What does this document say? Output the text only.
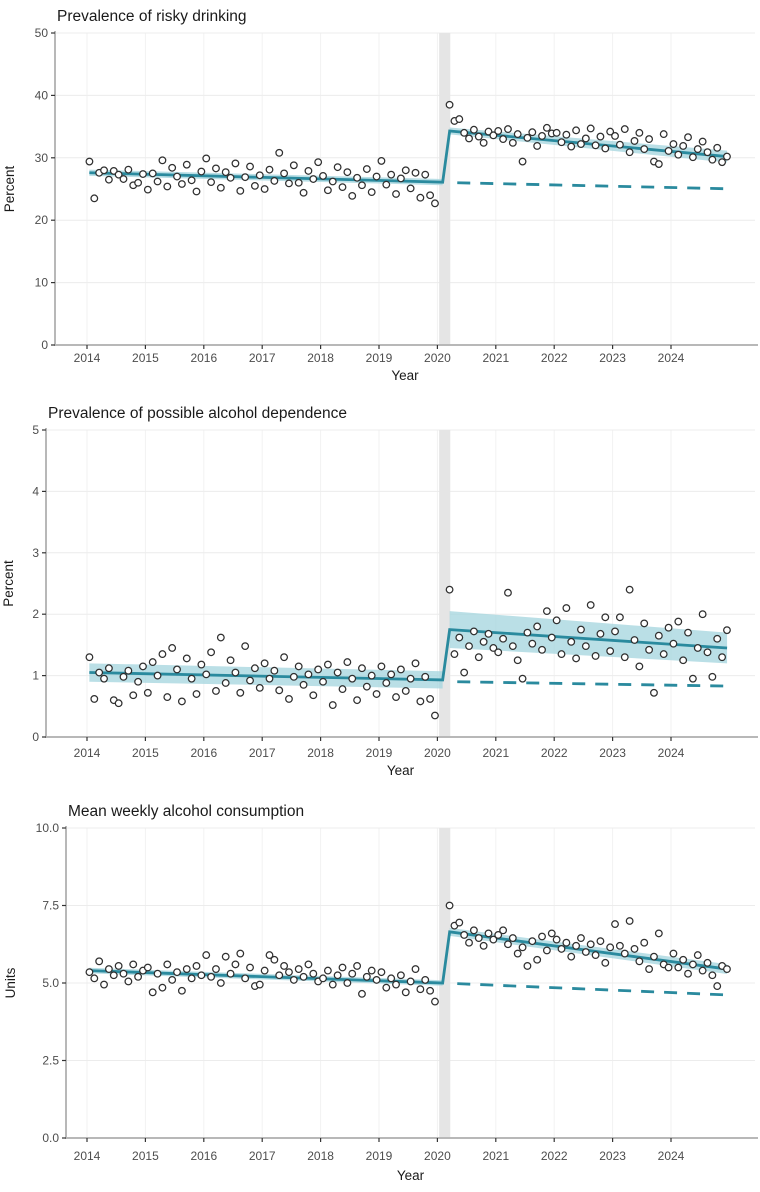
2014	2015	2016	2017	2018	2019	2020	2021	2022	2023	2024
0
10
20
30
40
50
Prevalence of risky drinking
Percent
Year
2014	2015	2016	2017	2018	2019	2020	2021	2022	2023	2024
0
1
2
3
4
5
Prevalence of possible alcohol dependence
Percent
Year
2014	2015	2016	2017	2018	2019	2020	2021	2022	2023	2024
0.0
2.5
5.0
7.5
10.0
Mean weekly alcohol consumption
Units
Year
